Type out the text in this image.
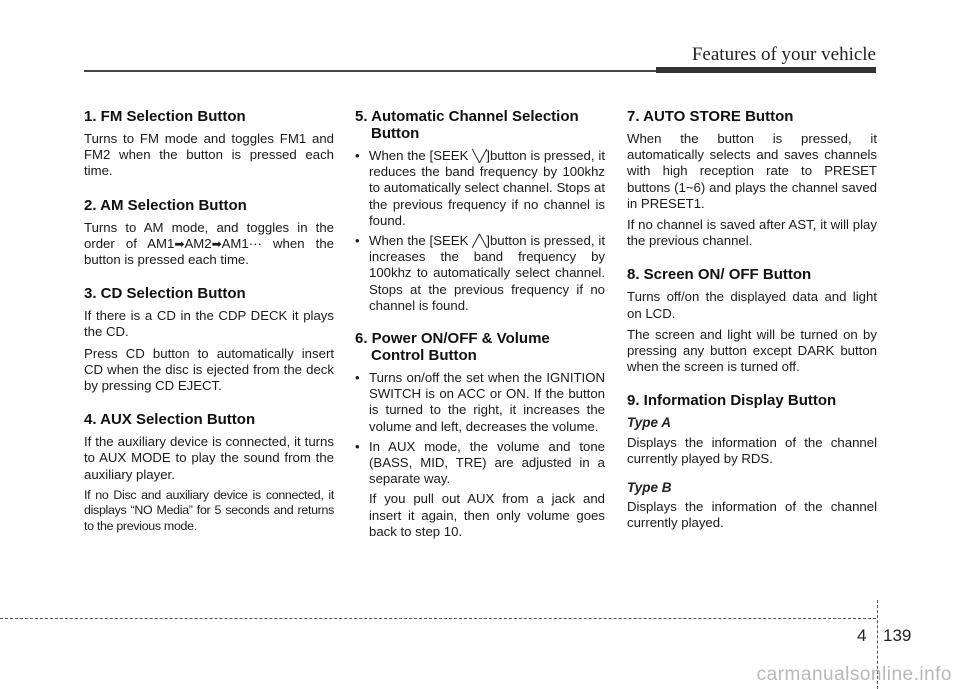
Features of your vehicle
1. FM Selection Button

Turns to FM mode and toggles FM1 and FM2 when the button is pressed each time.

2. AM Selection Button

Turns to AM mode, and toggles in the order of AM1➡AM2➡AM1··· when the button is pressed each time.

3. CD Selection Button

If there is a CD in the CDP DECK it plays the CD.

Press CD button to automatically insert CD when the disc is ejected from the deck by pressing CD EJECT.

4. AUX Selection Button

If the auxiliary device is connected, it turns to AUX MODE to play the sound from the auxiliary player.

If no Disc and auxiliary device is connected, it displays “NO Media” for 5 seconds and returns to the previous mode.

5. Automatic Channel Selection
Button
• When the [SEEK ╲╱]button is pressed, it reduces the band frequency by 100khz to automatically select channel. Stops at the previous frequency if no channel is found.
• When the [SEEK ╱╲]button is pressed, it increases the band frequency by 100khz to automatically select channel. Stops at the previous frequency if no channel is found.
6. Power ON/OFF & Volume
Control Button
• Turns on/off the set when the IGNITION SWITCH is on ACC or ON. If the button is turned to the right, it increases the volume and left, decreases the volume.
• In AUX mode, the volume and tone (BASS, MID, TRE) are adjusted in a separate way.

If you pull out AUX from a jack and insert it again, then only volume goes back to step 10.

7. AUTO STORE Button

When the button is pressed, it automatically selects and saves channels with high reception rate to PRESET buttons (1~6) and plays the channel saved in PRESET1.

If no channel is saved after AST, it will play the previous channel.

8. Screen ON/ OFF Button

Turns off/on the displayed data and light on LCD.

The screen and light will be turned on by pressing any button except DARK button when the screen is turned off.

9. Information Display Button
Type A

Displays the information of the channel currently played by RDS.

Type B

Displays the information of the channel currently played.

4 139
carmanualsonline.info
